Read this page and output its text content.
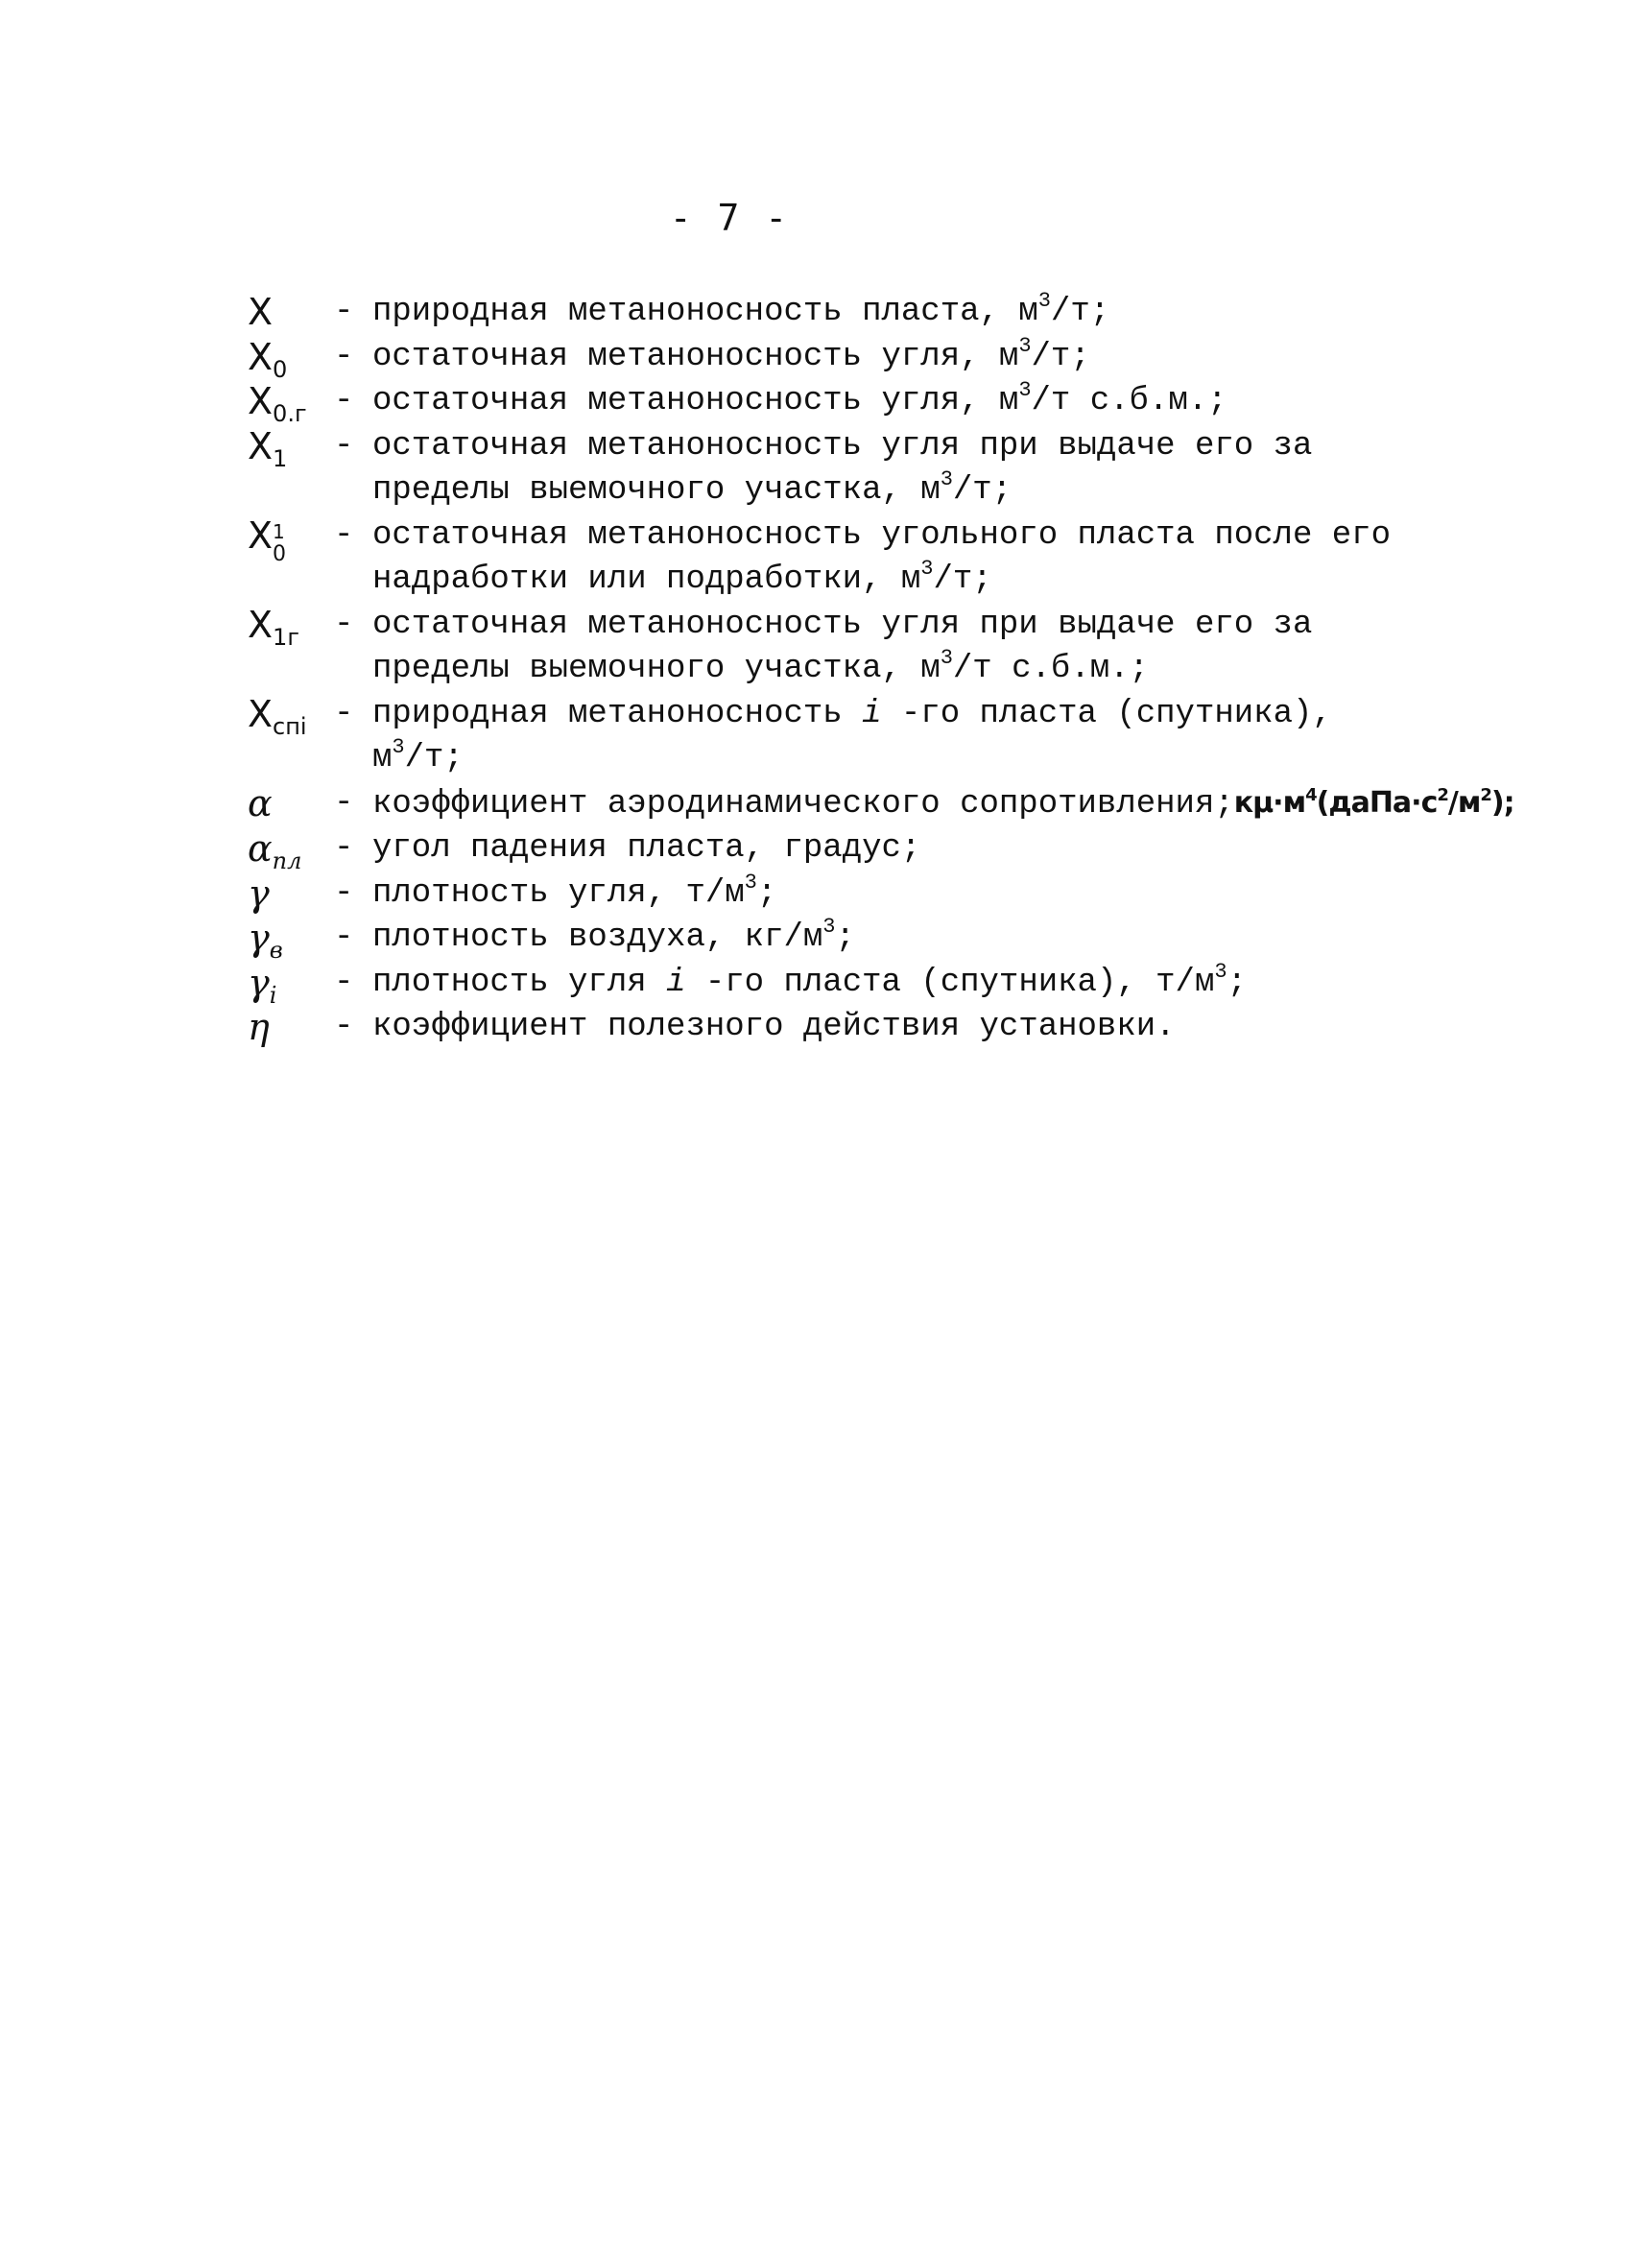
- 7 -
X - природная метаноносность пласта, $м^3/т$;
$X_0$ - остаточная метаноносность угля, $м^3/т$;
$X_{0.г}$ - остаточная метаноносность угля, $м^3/т$ с.б.м.;
$X_1$ - остаточная метаноносность угля при выдаче его за
пределы выемочного участка, $м^3/т$;
X 1
0
- остаточная метаноносность угольного пласта после его
надработки или подработки, $м^3/т$;
$X_{1г}$ - остаточная метаноносность угля при выдаче его за
пределы выемочного участка, $м^3/т$ с.б.м.;
$X_{спi}$ - природная метаноносность i -го пласта (спутника),
$м^3/т$;
α - коэффициент аэродинамического $сопротивления;к\mu\cdot м^4(даПа\cdot с^2/м^2)$;
$\alpha_{пл}$ - угол падения пласта, градус;
γ - плотность угля, $т/м^3$;
$\gamma_в$ - плотность воздуха, $кг/м^3$;
$\gamma_i$ - плотность угля i -го пласта (спутника), $т/м^3$;
η - коэффициент полезного действия установки.
